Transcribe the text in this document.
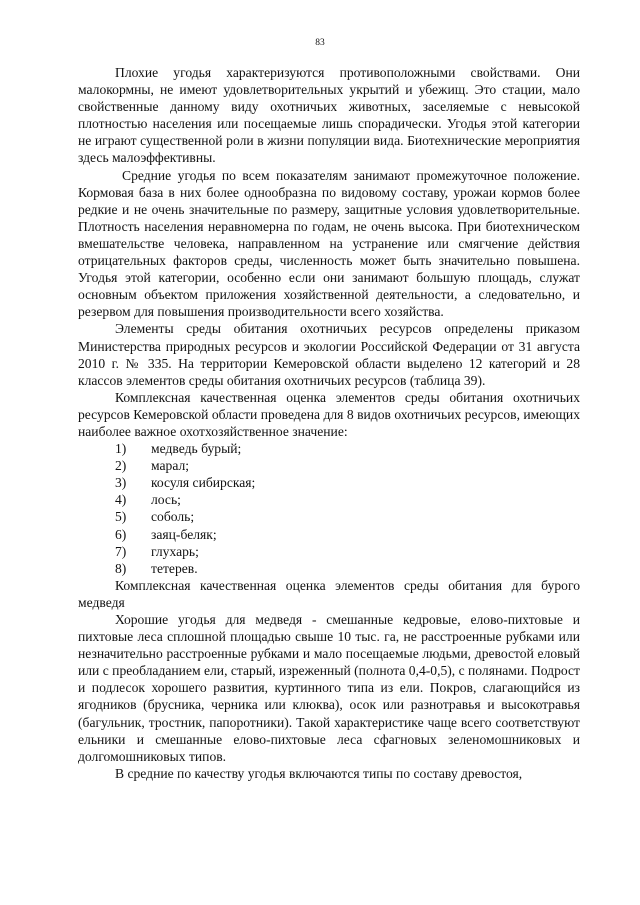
83

Плохие угодья характеризуются противоположными свойствами. Они малокормны, не имеют удовлетворительных укрытий и убежищ. Это стации, мало свойственные данному виду охотничьих животных, заселяемые с невысокой плотностью населения или посещаемые лишь спорадически. Угодья этой категории не играют существенной роли в жизни популяции вида. Биотехнические мероприятия здесь малоэффективны.

Средние угодья по всем показателям занимают промежуточное положение. Кормовая база в них более однообразна по видовому составу, урожаи кормов более редкие и не очень значительные по размеру, защитные условия удовлетворительные. Плотность населения неравномерна по годам, не очень высока. При биотехническом вмешательстве человека, направленном на устранение или смягчение действия отрицательных факторов среды, численность может быть значительно повышена. Угодья этой категории, особенно если они занимают большую площадь, служат основным объектом приложения хозяйственной деятельности, а следовательно, и резервом для повышения производительности всего хозяйства.

Элементы среды обитания охотничьих ресурсов определены приказом Министерства природных ресурсов и экологии Российской Федерации от 31 августа 2010 г. № 335. На территории Кемеровской области выделено 12 категорий и 28 классов элементов среды обитания охотничьих ресурсов (таблица 39).

Комплексная качественная оценка элементов среды обитания охотничьих ресурсов Кемеровской области проведена для 8 видов охотничьих ресурсов, имеющих наиболее важное охотхозяйственное значение:

1)	медведь бурый;
2)	марал;
3)	косуля сибирская;
4)	лось;
5)	соболь;
6)	заяц-беляк;
7)	глухарь;
8)	тетерев.

Комплексная качественная оценка элементов среды обитания для бурого медведя

Хорошие угодья для медведя - смешанные кедровые, елово-пихтовые и пихтовые леса сплошной площадью свыше 10 тыс. га, не расстроенные рубками или незначительно расстроенные рубками и мало посещаемые людьми, древостой еловый или с преобладанием ели, старый, изреженный (полнота 0,4-0,5), с полянами. Подрост и подлесок хорошего развития, куртинного типа из ели. Покров, слагающийся из ягодников (брусника, черника или клюква), осок или разнотравья и высокотравья (багульник, тростник, папоротники). Такой характеристике чаще всего соответствуют ельники и смешанные елово-пихтовые леса сфагновых зеленомошниковых и долгомошниковых типов.

В средние по качеству угодья включаются типы по составу древостоя,
